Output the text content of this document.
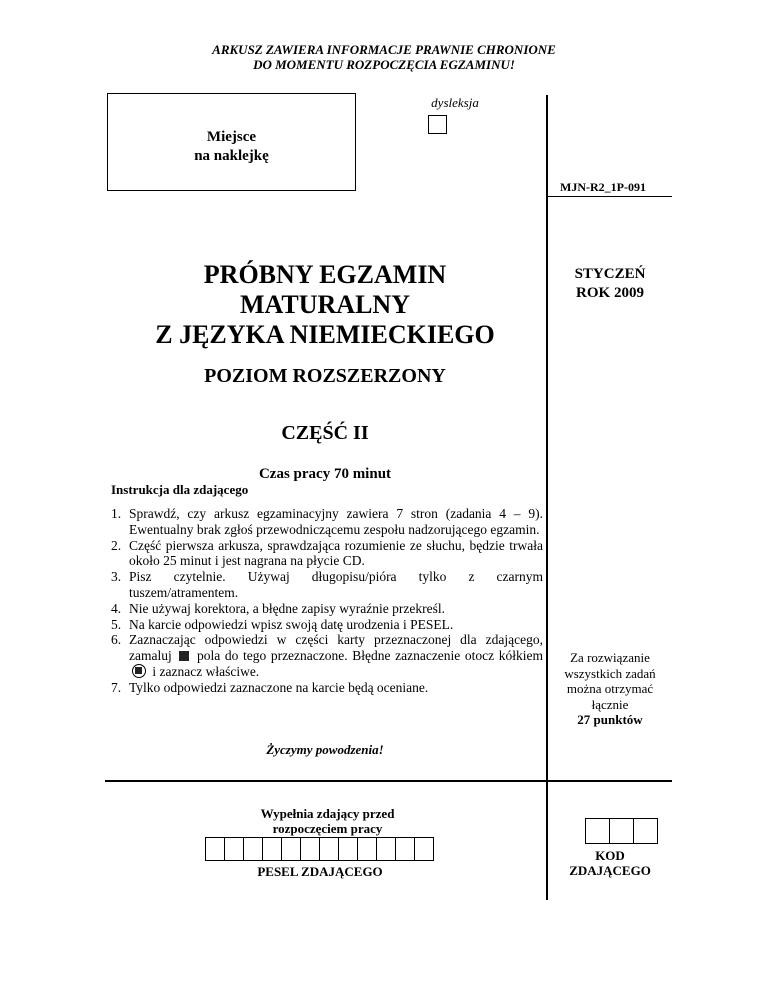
ARKUSZ ZAWIERA INFORMACJE PRAWNIE CHRONIONE
DO MOMENTU ROZPOCZĘCIA EGZAMINU!
Miejsce
na naklejkę
dysleksja
MJN-R2_1P-091
PRÓBNY EGZAMIN
MATURALNY
Z JĘZYKA NIEMIECKIEGO
POZIOM ROZSZERZONY
CZĘŚĆ II
Czas pracy 70 minut
STYCZEŃ
ROK 2009
Instrukcja dla zdającego
1. Sprawdź, czy arkusz egzaminacyjny zawiera 7 stron (zadania 4 – 9). Ewentualny brak zgłoś przewodniczącemu zespołu nadzorującego egzamin.
2. Część pierwsza arkusza, sprawdzająca rozumienie ze słuchu, będzie trwała około 25 minut i jest nagrana na płycie CD.
3. Pisz czytelnie. Używaj długopisu/pióra tylko z czarnym tuszem/atramentem.
4. Nie używaj korektora, a błędne zapisy wyraźnie przekreśl.
5. Na karcie odpowiedzi wpisz swoją datę urodzenia i PESEL.
6. Zaznaczając odpowiedzi w części karty przeznaczonej dla zdającego, zamaluj pola do tego przeznaczone. Błędne zaznaczenie otocz kółkiem  i zaznacz właściwe.
7. Tylko odpowiedzi zaznaczone na karcie będą oceniane.
Życzymy powodzenia!
Za rozwiązanie
wszystkich zadań
można otrzymać
łącznie
27 punktów
Wypełnia zdający przed
rozpoczęciem pracy
PESEL ZDAJĄCEGO
KOD
ZDAJĄCEGO
